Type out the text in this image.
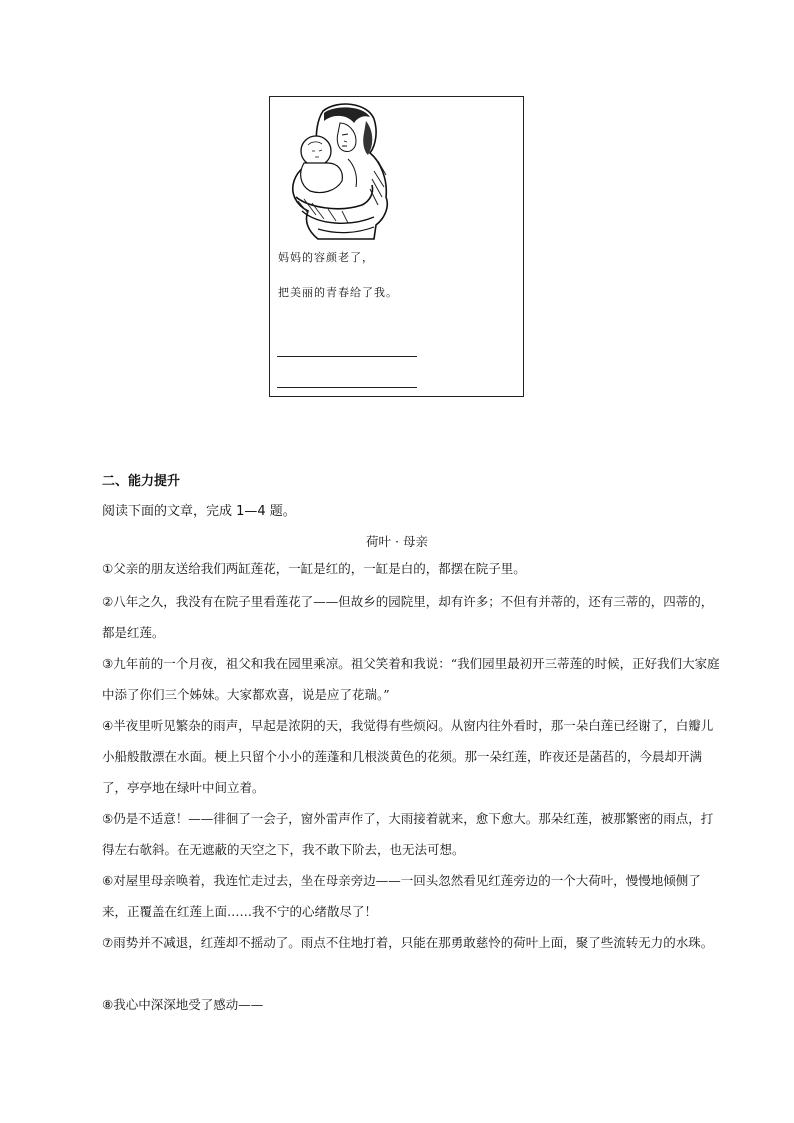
妈妈的容颜老了，
把美丽的青春给了我。
二、能力提升
阅读下面的文章，完成 1—4 题。
荷叶 · 母亲
①父亲的朋友送给我们两缸莲花，一缸是红的，一缸是白的，都摆在院子里。
②八年之久，我没有在院子里看莲花了——但故乡的园院里，却有许多；不但有并蒂的，还有三蒂的，四蒂的，都是红莲。
③九年前的一个月夜，祖父和我在园里乘凉。祖父笑着和我说：“我们园里最初开三蒂莲的时候，正好我们大家庭中添了你们三个姊妹。大家都欢喜，说是应了花瑞。”
④半夜里听见繁杂的雨声，早起是浓阴的天，我觉得有些烦闷。从窗内往外看时，那一朵白莲已经谢了，白瓣儿小船般散漂在水面。梗上只留个小小的莲蓬和几根淡黄色的花须。那一朵红莲，昨夜还是菡萏的，今晨却开满了，亭亭地在绿叶中间立着。
⑤仍是不适意！——徘徊了一会子，窗外雷声作了，大雨接着就来，愈下愈大。那朵红莲，被那繁密的雨点，打得左右欹斜。在无遮蔽的天空之下，我不敢下阶去，也无法可想。
⑥对屋里母亲唤着，我连忙走过去，坐在母亲旁边——一回头忽然看见红莲旁边的一个大荷叶，慢慢地倾侧了来，正覆盖在红莲上面……我不宁的心绪散尽了！
⑦雨势并不减退，红莲却不摇动了。雨点不住地打着，只能在那勇敢慈怜的荷叶上面，聚了些流转无力的水珠。
⑧我心中深深地受了感动——
